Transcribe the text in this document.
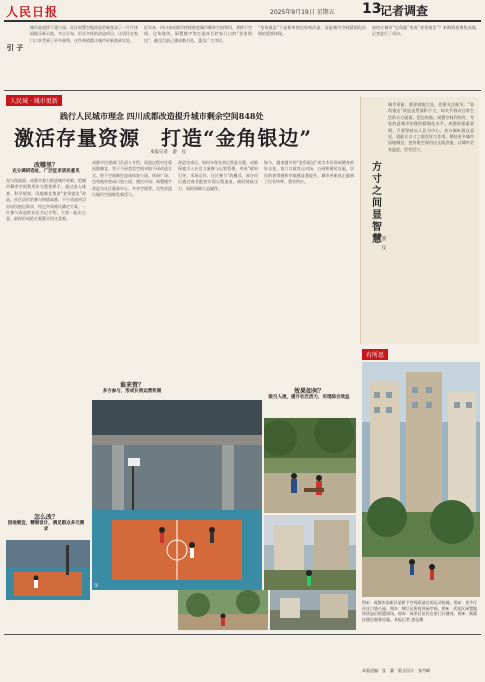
人民日报	2025年9月19日 星期五 13
记者调查
引 子
城市高架桥下建公园，社区闲置空地改造更新变成了一片片休闲娱乐新天地，多点分布、形式多样的改造项目，让居民在家门口享受到了更多便利。这些举措都让城市更新落到实处。
近年来，四川省成都市持续推进城市剩余空间利用，将桥下空间、边角地块、闲置楼宇等打造成百姓家门口的“金角银边”，截至目前已建成数百处，惠及广大市民。
“金角银边”不是简单的边角料改造，而是城市空间精细化治理的重要体现。
如何让城市“边角地”变成“金角银边”？本期调查聚焦成都，记者进行了采访。
人民城 · 城市更新
践行人民城市理念 四川成都改造提升城市剩余空间848处
激活存量资源　打造“金角银边”
本报记者　游　仪
改哪里？
充分调研选址，广泛征求居民意见
在川西高原，成都市着力推进城市更新，把城市剩余空间利用作为重要抓手。通过深入排查、科学规划，因地制宜推进“金角银边”改造。社区居民的参与热情高涨，不少改造项目由居民提出需求，经过共同商议确定方案。一位参与改造的社区书记介绍，大家一起出主意，最终形成的方案既实用又美观。
怎么改？
因地制宜，精细设计，满足群众多元需求
成都市住建部门负责人介绍，改造过程中注重因地制宜，对于不同类型空间采取不同改造方式。桥下空间被打造成体育公园、休闲广场；边角地块变成口袋公园、便民市场；闲置楼宇改造为社区服务中心、共享空间等。这些改造让城市空间焕发新活力。
改造完成后，如何实现长效运营是关键。成都探索引入社会力量参与运营管理，形成“政府引导、市场运作、社区参与”的模式。部分项目通过商业配套实现自我造血，减轻财政压力，同时保障公益属性。
如今，越来越多的“金角银边”成为市民休闲健身的好去处。家门口就有运动场、公园和便民设施，居民的获得感和幸福感显著提升。城市更新真正做到了民有所呼、我有所应。
谁来管？
多方参与，形成长效运营机制	效果如何？
吸引人流，提升社区活力，实现综合效益
①
城市更新，既要着眼大处，也要关注细节。“金角银边”改造虽然面积不大，却关乎群众日常生活的方方面面。把边角地、闲置空间利用好，考验的是城市治理的精细化水平。成都的探索表明，只要坚持以人民为中心，充分倾听群众意见，就能让方寸之地发挥大作用。期待更多城市因地制宜，把有限空间用出无限价值，让城市更有温度、更有活力。
方寸之间显智慧 游　仪
有所思
图①：成都市高新区某桥下空间改造后的运动场地。图②：金牛区社区口袋公园。图③：锦江区街角休闲空间。图④：武侯区闲置地块改造后的篮球场。图⑤：成华区居民在家门口健身。图⑥：新都区便民服务设施。本报记者 游仪摄
本版责编：张　翼　版式设计：张丹峰
